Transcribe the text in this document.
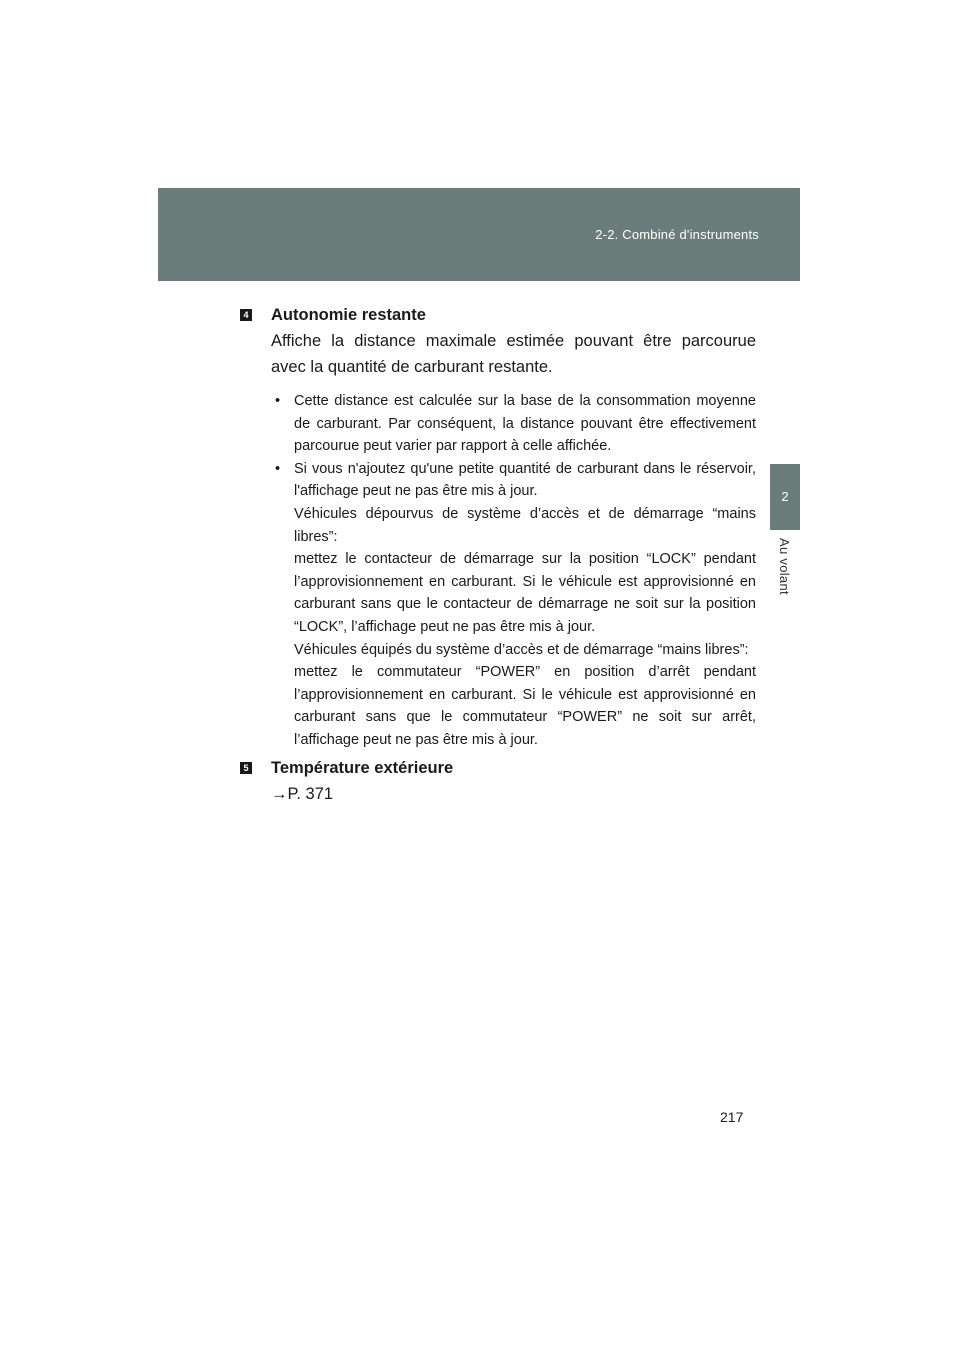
2-2. Combiné d'instruments
2
Au volant
4 Autonomie restante

Affiche la distance maximale estimée pouvant être parcourue avec la quantité de carburant restante.

• Cette distance est calculée sur la base de la consommation moyenne de carburant. Par conséquent, la distance pouvant être effectivement parcourue peut varier par rapport à celle affichée.

• Si vous n'ajoutez qu'une petite quantité de carburant dans le réservoir, l'affichage peut ne pas être mis à jour.

Véhicules dépourvus de système d’accès et de démarrage “mains libres”:

mettez le contacteur de démarrage sur la position “LOCK” pendant l’approvisionnement en carburant. Si le véhicule est approvisionné en carburant sans que le contacteur de démarrage ne soit sur la position “LOCK”, l’affichage peut ne pas être mis à jour.

Véhicules équipés du système d’accès et de démarrage “mains libres”:

mettez le commutateur “POWER” en position d’arrêt pendant l’approvisionnement en carburant. Si le véhicule est approvisionné en carburant sans que le commutateur “POWER” ne soit sur arrêt, l’affichage peut ne pas être mis à jour.

5 Température extérieure

→P. 371

217
